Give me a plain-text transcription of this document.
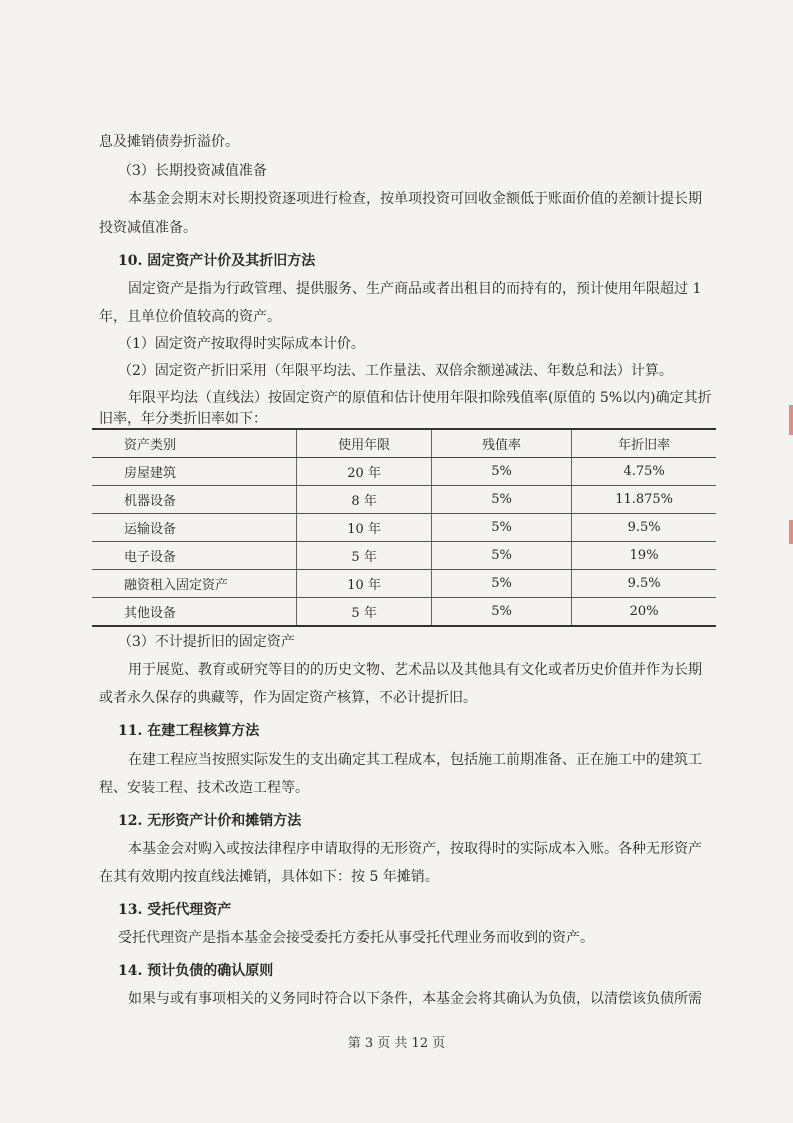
息及摊销债券折溢价。
（3）长期投资减值准备
本基金会期末对长期投资逐项进行检查，按单项投资可回收金额低于账面价值的差额计提长期
投资减值准备。
10. 固定资产计价及其折旧方法
固定资产是指为行政管理、提供服务、生产商品或者出租目的而持有的，预计使用年限超过 1
年，且单位价值较高的资产。
（1）固定资产按取得时实际成本计价。
（2）固定资产折旧采用（年限平均法、工作量法、双倍余额递减法、年数总和法）计算。
年限平均法（直线法）按固定资产的原值和估计使用年限扣除残值率(原值的 5%以内)确定其折
旧率，年分类折旧率如下：
资产类别	使用年限	残值率	年折旧率
房屋建筑	20 年	5%	4.75%
机器设备	8 年	5%	11.875%
运输设备	10 年	5%	9.5%
电子设备	5 年	5%	19%
融资租入固定资产	10 年	5%	9.5%
其他设备	5 年	5%	20%
（3）不计提折旧的固定资产
用于展览、教育或研究等目的的历史文物、艺术品以及其他具有文化或者历史价值并作为长期
或者永久保存的典藏等，作为固定资产核算，不必计提折旧。
11. 在建工程核算方法
在建工程应当按照实际发生的支出确定其工程成本，包括施工前期准备、正在施工中的建筑工
程、安装工程、技术改造工程等。
12. 无形资产计价和摊销方法
本基金会对购入或按法律程序申请取得的无形资产，按取得时的实际成本入账。各种无形资产
在其有效期内按直线法摊销，具体如下：按 5 年摊销。
13. 受托代理资产
受托代理资产是指本基金会接受委托方委托从事受托代理业务而收到的资产。
14. 预计负债的确认原则
如果与或有事项相关的义务同时符合以下条件，本基金会将其确认为负债，以清偿该负债所需
第 3 页 共 12 页
